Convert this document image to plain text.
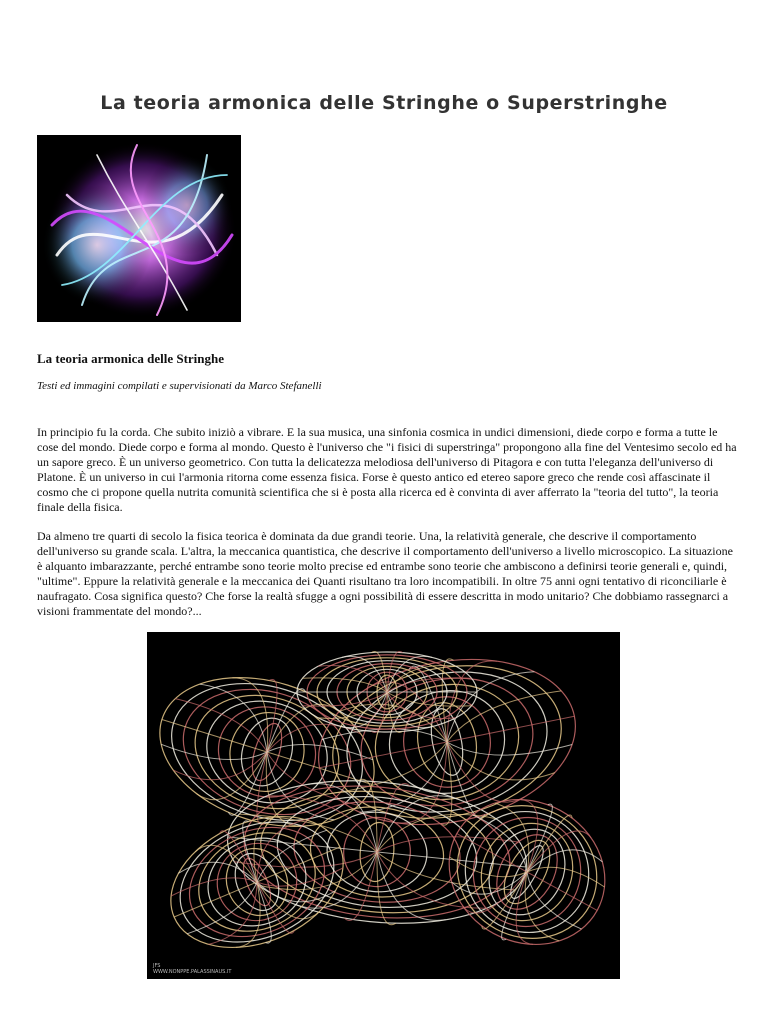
La teoria armonica delle Stringhe o Superstringhe
La teoria armonica delle Stringhe
Testi ed immagini compilati e supervisionati da Marco Stefanelli

In principio fu la corda. Che subito iniziò a vibrare. E la sua musica, una sinfonia cosmica in undici dimensioni, diede corpo e forma a tutte le cose del mondo. Diede corpo e forma al mondo. Questo è l'universo che "i fisici di superstringa" propongono alla fine del Ventesimo secolo ed ha un sapore greco. È un universo geometrico. Con tutta la delicatezza melodiosa dell'universo di Pitagora e con tutta l'eleganza dell'universo di Platone. È un universo in cui l'armonia ritorna come essenza fisica. Forse è questo antico ed etereo sapore greco che rende così affascinate il cosmo che ci propone quella nutrita comunità scientifica che si è posta alla ricerca ed è convinta di aver afferrato la "teoria del tutto", la teoria finale della fisica.

Da almeno tre quarti di secolo la fisica teorica è dominata da due grandi teorie. Una, la relatività generale, che descrive il comportamento dell'universo su grande scala. L'altra, la meccanica quantistica, che descrive il comportamento dell'universo a livello microscopico. La situazione è alquanto imbarazzante, perché entrambe sono teorie molto precise ed entrambe sono teorie che ambiscono a definirsi teorie generali e, quindi, "ultime". Eppure la relatività generale e la meccanica dei Quanti risultano tra loro incompatibili. In oltre 75 anni ogni tentativo di riconciliarle è naufragato. Cosa significa questo? Che forse la realtà sfugge a ogni possibilità di essere descritta in modo unitario? Che dobbiamo rassegnarci a visioni frammentate del mondo?...

JFS
WWW.NONPPE.PALASSINAUS.IT
